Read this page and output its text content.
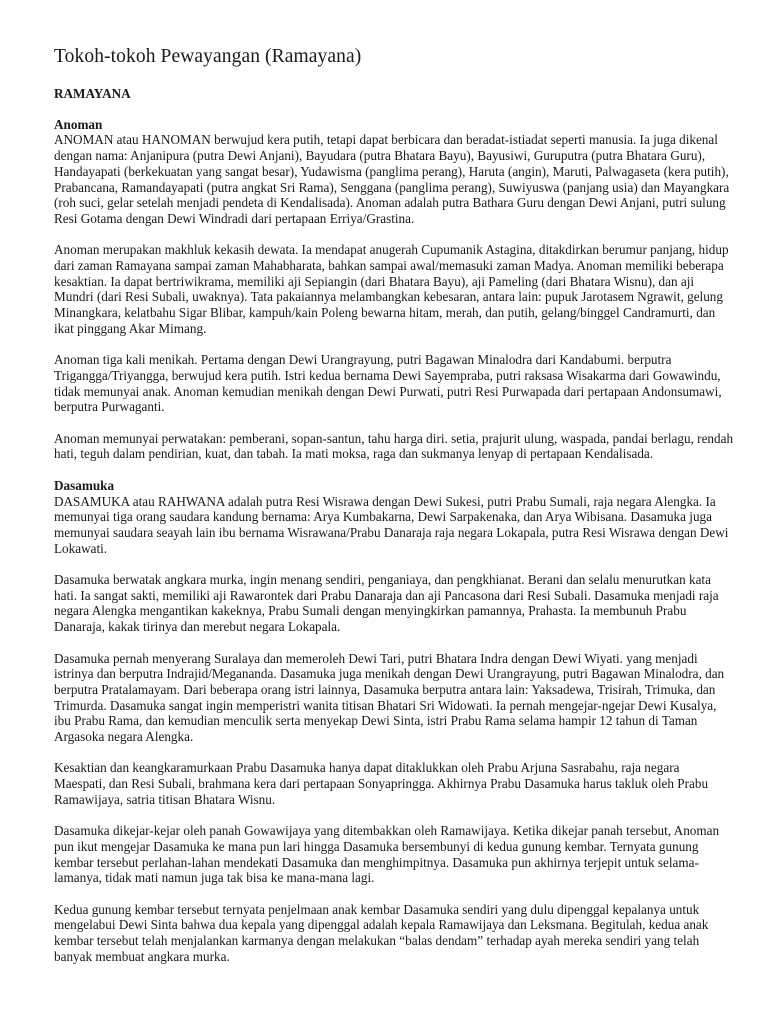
Tokoh-tokoh Pewayangan (Ramayana)
RAMAYANA
Anoman

ANOMAN atau HANOMAN berwujud kera putih, tetapi dapat berbicara dan beradat-istiadat seperti manusia. Ia juga dikenal dengan nama: Anjanipura (putra Dewi Anjani), Bayudara (putra Bhatara Bayu), Bayusiwi, Guruputra (putra Bhatara Guru), Handayapati (berkekuatan yang sangat besar), Yudawisma (panglima perang), Haruta (angin), Maruti, Palwagaseta (kera putih), Prabancana, Ramandayapati (putra angkat Sri Rama), Senggana (panglima perang), Suwiyuswa (panjang usia) dan Mayangkara (roh suci, gelar setelah menjadi pendeta di Kendalisada). Anoman adalah putra Bathara Guru dengan Dewi Anjani, putri sulung Resi Gotama dengan Dewi Windradi dari pertapaan Erriya/Grastina.

Anoman merupakan makhluk kekasih dewata. Ia mendapat anugerah Cupumanik Astagina, ditakdirkan berumur panjang, hidup dari zaman Ramayana sampai zaman Mahabharata, bahkan sampai awal/memasuki zaman Madya. Anoman memiliki beberapa kesaktian. Ia dapat bertriwikrama, memiliki aji Sepiangin (dari Bhatara Bayu), aji Pameling (dari Bhatara Wisnu), dan aji Mundri (dari Resi Subali, uwaknya). Tata pakaiannya melambangkan kebesaran, antara lain: pupuk Jarotasem Ngrawit, gelung Minangkara, kelatbahu Sigar Blibar, kampuh/kain Poleng bewarna hitam, merah, dan putih, gelang/binggel Candramurti, dan ikat pinggang Akar Mimang.

Anoman tiga kali menikah. Pertama dengan Dewi Urangrayung, putri Bagawan Minalodra dari Kandabumi. berputra Trigangga/Triyangga, berwujud kera putih. Istri kedua bernama Dewi Sayempraba, putri raksasa Wisakarma dari Gowawindu, tidak memunyai anak. Anoman kemudian menikah dengan Dewi Purwati, putri Resi Purwapada dari pertapaan Andonsumawi, berputra Purwaganti.

Anoman memunyai perwatakan: pemberani, sopan-santun, tahu harga diri. setia, prajurit ulung, waspada, pandai berlagu, rendah hati, teguh dalam pendirian, kuat, dan tabah. Ia mati moksa, raga dan sukmanya lenyap di pertapaan Kendalisada.

Dasamuka

DASAMUKA atau RAHWANA adalah putra Resi Wisrawa dengan Dewi Sukesi, putri Prabu Sumali, raja negara Alengka. Ia memunyai tiga orang saudara kandung bernama: Arya Kumbakarna, Dewi Sarpakenaka, dan Arya Wibisana. Dasamuka juga memunyai saudara seayah lain ibu bernama Wisrawana/Prabu Danaraja raja negara Lokapala, putra Resi Wisrawa dengan Dewi Lokawati.

Dasamuka berwatak angkara murka, ingin menang sendiri, penganiaya, dan pengkhianat. Berani dan selalu menurutkan kata hati. Ia sangat sakti, memiliki aji Rawarontek dari Prabu Danaraja dan aji Pancasona dari Resi Subali. Dasamuka menjadi raja negara Alengka mengantikan kakeknya, Prabu Sumali dengan menyingkirkan pamannya, Prahasta. Ia membunuh Prabu Danaraja, kakak tirinya dan merebut negara Lokapala.

Dasamuka pernah menyerang Suralaya dan memeroleh Dewi Tari, putri Bhatara Indra dengan Dewi Wiyati. yang menjadi istrinya dan berputra Indrajid/Megananda. Dasamuka juga menikah dengan Dewi Urangrayung, putri Bagawan Minalodra, dan berputra Pratalamayam. Dari beberapa orang istri lainnya, Dasamuka berputra antara lain: Yaksadewa, Trisirah, Trimuka, dan Trimurda. Dasamuka sangat ingin memperistri wanita titisan Bhatari Sri Widowati. Ia pernah mengejar-ngejar Dewi Kusalya, ibu Prabu Rama, dan kemudian menculik serta menyekap Dewi Sinta, istri Prabu Rama selama hampir 12 tahun di Taman Argasoka negara Alengka.

Kesaktian dan keangkaramurkaan Prabu Dasamuka hanya dapat ditaklukkan oleh Prabu Arjuna Sasrabahu, raja negara Maespati, dan Resi Subali, brahmana kera dari pertapaan Sonyapringga. Akhirnya Prabu Dasamuka harus takluk oleh Prabu Ramawijaya, satria titisan Bhatara Wisnu.

Dasamuka dikejar-kejar oleh panah Gowawijaya yang ditembakkan oleh Ramawijaya. Ketika dikejar panah tersebut, Anoman pun ikut mengejar Dasamuka ke mana pun lari hingga Dasamuka bersembunyi di kedua gunung kembar. Ternyata gunung kembar tersebut perlahan-lahan mendekati Dasamuka dan menghimpitnya. Dasamuka pun akhirnya terjepit untuk selama-lamanya, tidak mati namun juga tak bisa ke mana-mana lagi.

Kedua gunung kembar tersebut ternyata penjelmaan anak kembar Dasamuka sendiri yang dulu dipenggal kepalanya untuk mengelabui Dewi Sinta bahwa dua kepala yang dipenggal adalah kepala Ramawijaya dan Leksmana. Begitulah, kedua anak kembar tersebut telah menjalankan karmanya dengan melakukan “balas dendam” terhadap ayah mereka sendiri yang telah banyak membuat angkara murka.
